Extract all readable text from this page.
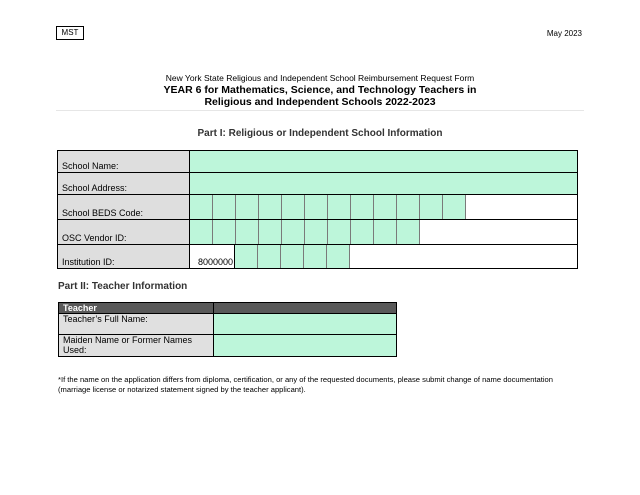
MST	May 2023
New York State Religious and Independent School Reimbursement Request Form
YEAR 6 for Mathematics, Science, and Technology Teachers in
Religious and Independent Schools 2022-2023
Part I: Religious or Independent School Information
School Name:	
School Address:	
School BEDS Code:	

OSC Vendor ID:	

Institution ID:	8000000
Part II: Teacher Information
Teacher	
Teacher’s Full Name:	
Maiden Name or Former Names Used:	
*If the name on the application differs from diploma, certification, or any of the requested documents, please submit change of name documentation (marriage license or notarized statement signed by the teacher applicant).
